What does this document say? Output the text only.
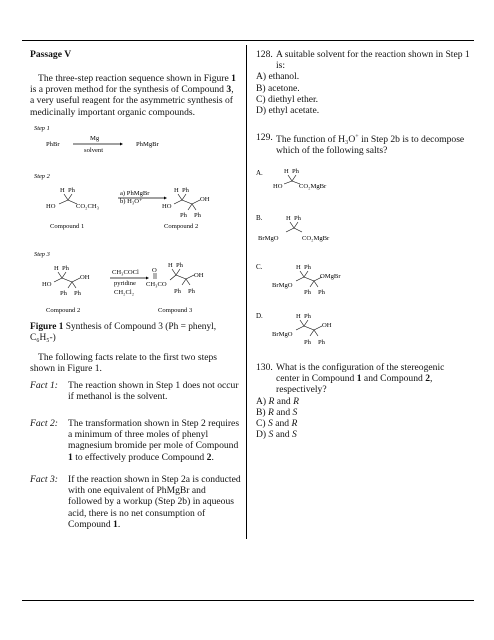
Passage V
The three-step reaction sequence shown in Figure 1 is a proven method for the synthesis of Compound 3, a very useful reagent for the asymmetric synthesis of medicinally important organic compounds.
Step 1
PhBr
Mg
solvent
PhMgBr
Step 2
H Ph
HO	CO₂CH₃
Compound 1
a) PhMgBr
b) H₃O⁺
H Ph
HO
OH
Ph Ph
Compound 2
Step 3
H Ph
HO
OH
Ph Ph
Compound 2
CH₃COCl
pyridine
CH₂Cl₂
O
H Ph
CH₃CO
OH
Ph Ph
Compound 3
Figure 1 Synthesis of Compound 3 (Ph = phenyl, C₆H₅-)
The following facts relate to the first two steps shown in Figure 1.
Fact 1:	The reaction shown in Step 1 does not occur if methanol is the solvent.
Fact 2:	The transformation shown in Step 2 requires a minimum of three moles of phenyl magnesium bromide per mole of Compound 1 to effectively produce Compound 2.
Fact 3:	If the reaction shown in Step 2a is conducted with one equivalent of PhMgBr and followed by a workup (Step 2b) in aqueous acid, there is no net consumption of Compound 1.
128. A suitable solvent for the reaction shown in Step 1 is:
A) ethanol.
B) acetone.
C) diethyl ether.
D) ethyl acetate.
129. The function of H₃O+ in Step 2b is to decompose which of the following salts?
A.	H Ph
HO CO₂MgBr
B.	H Ph
BrMgO	CO₂MgBr
C.	H Ph
BrMgO
OMgBr
Ph Ph
D.	H Ph
BrMgO
OH
Ph Ph
130. What is the configuration of the stereogenic center in Compound 1 and Compound 2, respectively?
A) R and R
B) R and S
C) S and R
D) S and S
